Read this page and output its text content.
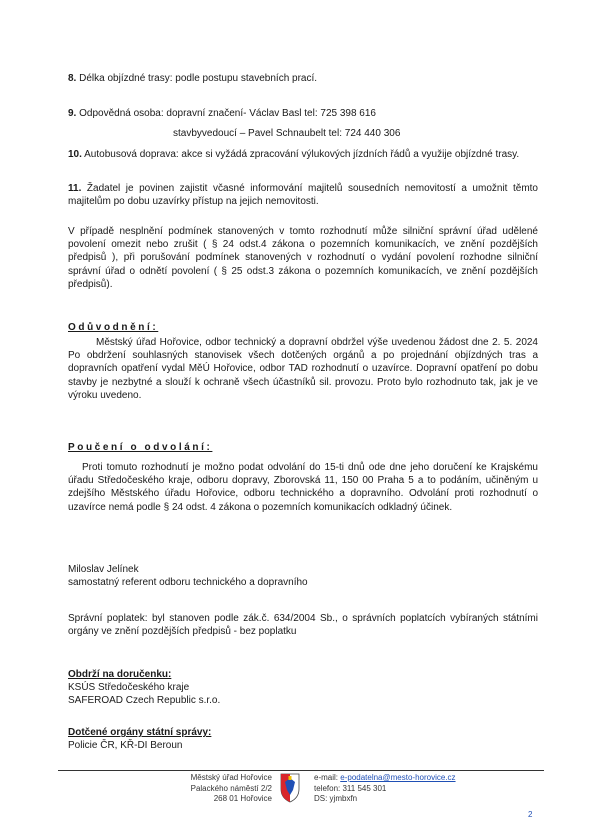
8. Délka objízdné trasy: podle postupu stavebních prací.
9. Odpovědná osoba: dopravní značení- Václav Basl tel: 725 398 616
stavbyvedoucí – Pavel Schnaubelt tel: 724 440 306
10. Autobusová doprava: akce si vyžádá zpracování výlukových jízdních řádů a využije objízdné trasy.
11. Žadatel je povinen zajistit včasné informování majitelů sousedních nemovitostí a umožnit těmto majitelům po dobu uzavírky přístup na jejich nemovitosti.
V případě nesplnění podmínek stanovených v tomto rozhodnutí může silniční správní úřad udělené povolení omezit nebo zrušit ( § 24 odst.4 zákona o pozemních komunikacích, ve znění pozdějších předpisů ), při porušování podmínek stanovených v rozhodnutí o vydání povolení rozhodne silniční správní úřad o odnětí povolení ( § 25 odst.3 zákona o pozemních komunikacích, ve znění pozdějších předpisů).
Odůvodnění:
Městský úřad Hořovice, odbor technický a dopravní obdržel výše uvedenou žádost dne 2. 5. 2024 Po obdržení souhlasných stanovisek všech dotčených orgánů a po projednání objízdných tras a dopravních opatření vydal MěÚ Hořovice, odbor TAD rozhodnutí o uzavírce. Dopravní opatření po dobu stavby je nezbytné a slouží k ochraně všech účastníků sil. provozu. Proto bylo rozhodnuto tak, jak je ve výroku uvedeno.
Poučení o odvolání:
Proti tomuto rozhodnutí je možno podat odvolání do 15-ti dnů ode dne jeho doručení ke Krajskému úřadu Středočeského kraje, odboru dopravy, Zborovská 11, 150 00 Praha 5 a to podáním, učiněným u zdejšího Městského úřadu Hořovice, odboru technického a dopravního. Odvolání proti rozhodnutí o uzavírce nemá podle § 24 odst. 4 zákona o pozemních komunikacích odkladný účinek.
Miloslav Jelínek
samostatný referent odboru technického a dopravního
Správní poplatek: byl stanoven podle zák.č. 634/2004 Sb., o správních poplatcích vybíraných státními orgány ve znění pozdějších předpisů - bez poplatku
Obdrží na doručenku:
KSÚS Středočeského kraje
SAFEROAD Czech Republic s.r.o.
Dotčené orgány státní správy:
Policie ČR, KŘ-DI Beroun
Městský úřad Hořovice
Palackého náměstí 2/2
268 01 Hořovice
e-mail: e-podatelna@mesto-horovice.cz
telefon: 311 545 301
DS: yjmbxfn
2
